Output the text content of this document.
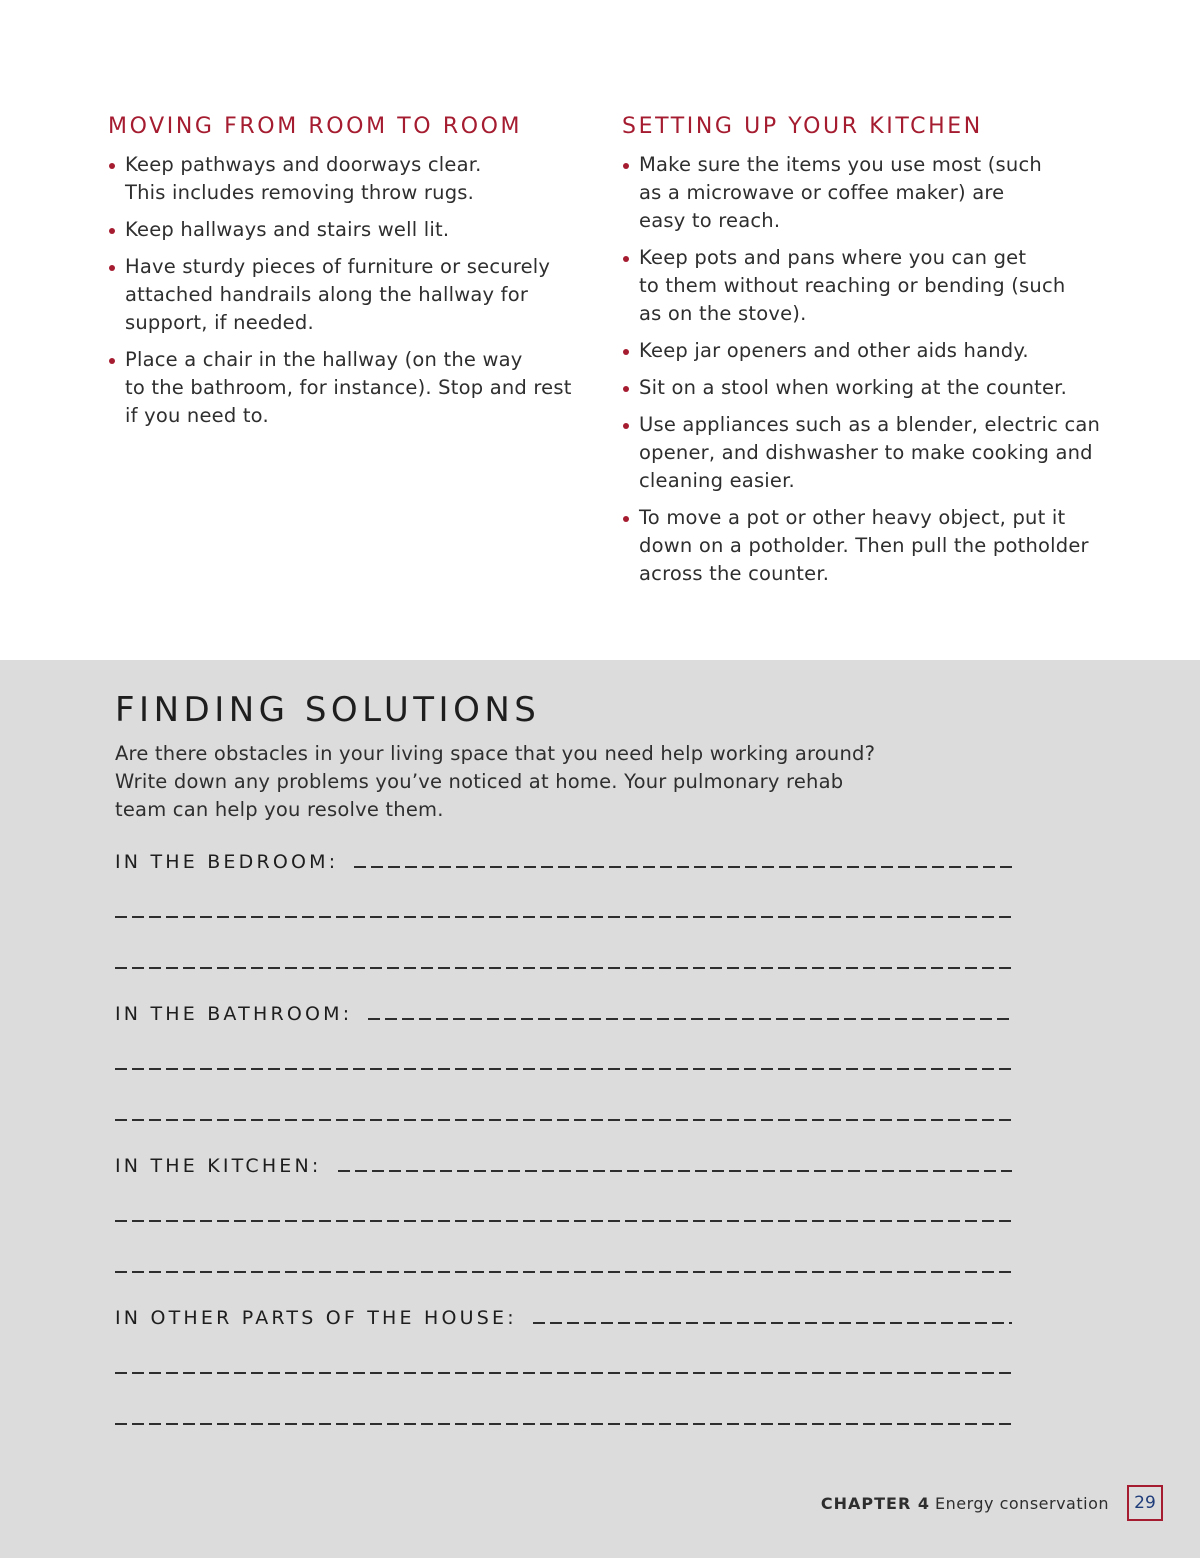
MOVING FROM ROOM TO ROOM
Keep pathways and doorways clear.
This includes removing throw rugs.
Keep hallways and stairs well lit.
Have sturdy pieces of furniture or securely
attached handrails along the hallway for
support, if needed.
Place a chair in the hallway (on the way
to the bathroom, for instance). Stop and rest
if you need to.
SETTING UP YOUR KITCHEN
Make sure the items you use most (such
as a microwave or coffee maker) are
easy to reach.
Keep pots and pans where you can get
to them without reaching or bending (such
as on the stove).
Keep jar openers and other aids handy.
Sit on a stool when working at the counter.
Use appliances such as a blender, electric can
opener, and dishwasher to make cooking and
cleaning easier.
To move a pot or other heavy object, put it
down on a potholder. Then pull the potholder
across the counter.
FINDING SOLUTIONS

Are there obstacles in your living space that you need help working around?
Write down any problems you’ve noticed at home. Your pulmonary rehab
team can help you resolve them.

IN THE BEDROOM:
IN THE BATHROOM:
IN THE KITCHEN:
IN OTHER PARTS OF THE HOUSE:
CHAPTER 4 Energy conservation	29
